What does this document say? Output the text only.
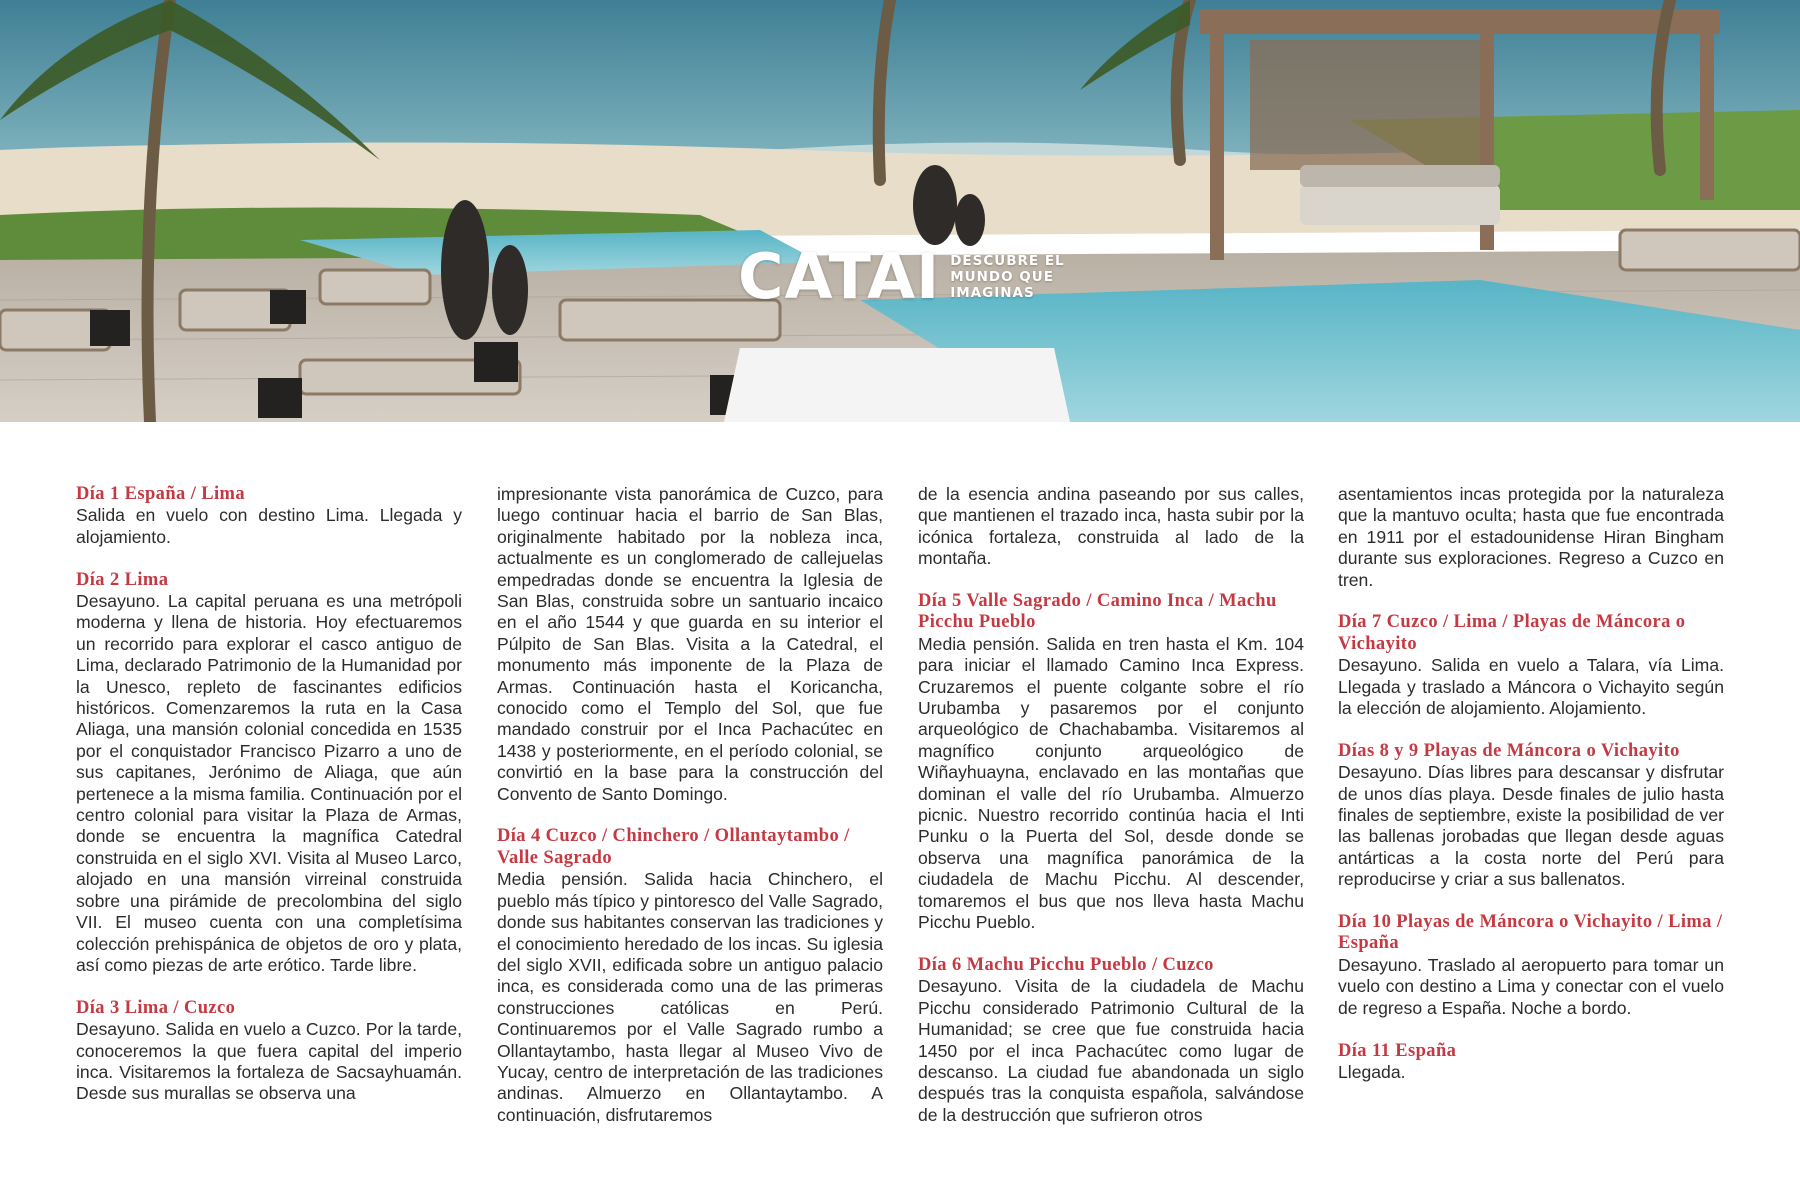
CATAI DESCUBRE EL
MUNDO QUE
IMAGINAS

Día 1 España / Lima

Salida en vuelo con destino Lima. Llegada y alojamiento.

Día 2 Lima

Desayuno. La capital peruana es una metrópoli moderna y llena de historia. Hoy efectuaremos un recorrido para explorar el casco antiguo de Lima, declarado Patrimonio de la Humanidad por la Unesco, repleto de fascinantes edificios históricos. Comenzaremos la ruta en la Casa Aliaga, una mansión colonial concedida en 1535 por el conquistador Francisco Pizarro a uno de sus capitanes, Jerónimo de Aliaga, que aún pertenece a la misma familia. Continuación por el centro colonial para visitar la Plaza de Armas, donde se encuentra la magnífica Catedral construida en el siglo XVI. Visita al Museo Larco, alojado en una mansión virreinal construida sobre una pirámide de precolombina del siglo VII. El museo cuenta con una completísima colección prehispánica de objetos de oro y plata, así como piezas de arte erótico. Tarde libre.

Día 3 Lima / Cuzco

Desayuno. Salida en vuelo a Cuzco. Por la tarde, conoceremos la que fuera capital del imperio inca. Visitaremos la fortaleza de Sacsayhuamán. Desde sus murallas se observa una

impresionante vista panorámica de Cuzco, para luego continuar hacia el barrio de San Blas, originalmente habitado por la nobleza inca, actualmente es un conglomerado de callejuelas empedradas donde se encuentra la Iglesia de San Blas, construida sobre un santuario incaico en el año 1544 y que guarda en su interior el Púlpito de San Blas. Visita a la Catedral, el monumento más imponente de la Plaza de Armas. Continuación hasta el Koricancha, conocido como el Templo del Sol, que fue mandado construir por el Inca Pachacútec en 1438 y posteriormente, en el período colonial, se convirtió en la base para la construcción del Convento de Santo Domingo.

Día 4 Cuzco / Chinchero / Ollantaytambo / Valle Sagrado

Media pensión. Salida hacia Chinchero, el pueblo más típico y pintoresco del Valle Sagrado, donde sus habitantes conservan las tradiciones y el conocimiento heredado de los incas. Su iglesia del siglo XVII, edificada sobre un antiguo palacio inca, es considerada como una de las primeras construcciones católicas en Perú. Continuaremos por el Valle Sagrado rumbo a Ollantaytambo, hasta llegar al Museo Vivo de Yucay, centro de interpretación de las tradiciones andinas. Almuerzo en Ollantaytambo. A continuación, disfrutaremos

de la esencia andina paseando por sus calles, que mantienen el trazado inca, hasta subir por la icónica fortaleza, construida al lado de la montaña.

Día 5 Valle Sagrado / Camino Inca / Machu Picchu Pueblo

Media pensión. Salida en tren hasta el Km. 104 para iniciar el llamado Camino Inca Express. Cruzaremos el puente colgante sobre el río Urubamba y pasaremos por el conjunto arqueológico de Chachabamba. Visitaremos al magnífico conjunto arqueológico de Wiñayhuayna, enclavado en las montañas que dominan el valle del río Urubamba. Almuerzo picnic. Nuestro recorrido continúa hacia el Inti Punku o la Puerta del Sol, desde donde se observa una magnífica panorámica de la ciudadela de Machu Picchu. Al descender, tomaremos el bus que nos lleva hasta Machu Picchu Pueblo.

Día 6 Machu Picchu Pueblo / Cuzco

Desayuno. Visita de la ciudadela de Machu Picchu considerado Patrimonio Cultural de la Humanidad; se cree que fue construida hacia 1450 por el inca Pachacútec como lugar de descanso. La ciudad fue abandonada un siglo después tras la conquista española, salvándose de la destrucción que sufrieron otros

asentamientos incas protegida por la naturaleza que la mantuvo oculta; hasta que fue encontrada en 1911 por el estadounidense Hiran Bingham durante sus exploraciones. Regreso a Cuzco en tren.

Día 7 Cuzco / Lima / Playas de Máncora o Vichayito

Desayuno. Salida en vuelo a Talara, vía Lima. Llegada y traslado a Máncora o Vichayito según la elección de alojamiento. Alojamiento.

Días 8 y 9 Playas de Máncora o Vichayito

Desayuno. Días libres para descansar y disfrutar de unos días playa. Desde finales de julio hasta finales de septiembre, existe la posibilidad de ver las ballenas jorobadas que llegan desde aguas antárticas a la costa norte del Perú para reproducirse y criar a sus ballenatos.

Día 10 Playas de Máncora o Vichayito / Lima / España

Desayuno. Traslado al aeropuerto para tomar un vuelo con destino a Lima y conectar con el vuelo de regreso a España. Noche a bordo.

Día 11 España

Llegada.
